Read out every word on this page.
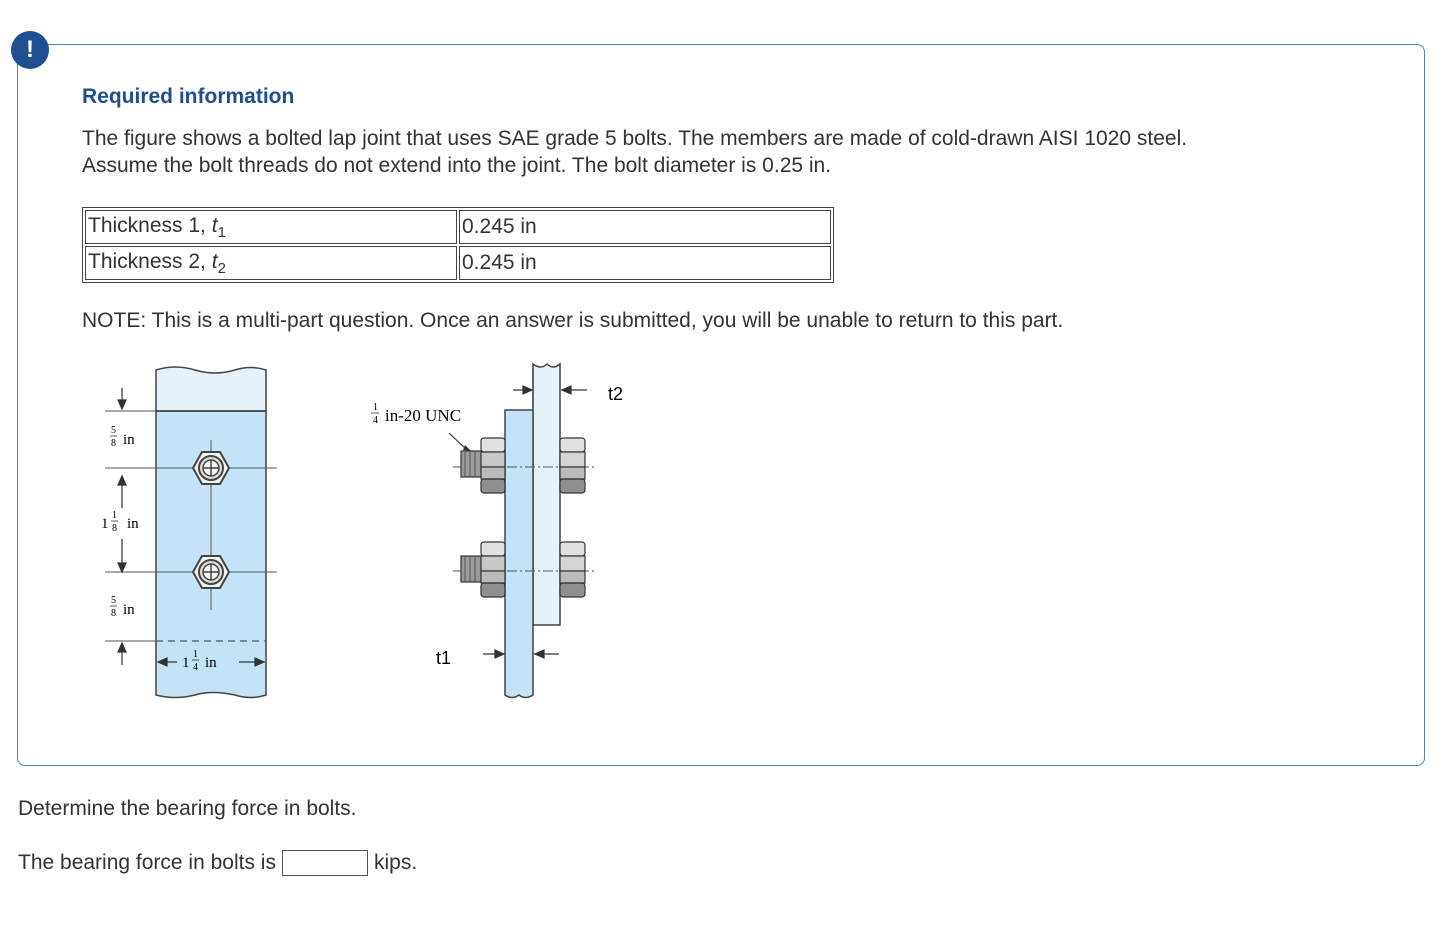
!
Required information

The figure shows a bolted lap joint that uses SAE grade 5 bolts. The members are made of cold-drawn AISI 1020 steel.

Assume the bolt threads do not extend into the joint. The bolt diameter is 0.25 in.

Thickness 1, $t_1$	0.245 in
Thickness 2, $t_2$	0.245 in
NOTE: This is a multi-part question. Once an answer is submitted, you will be unable to return to this part.
5
8 in
1
1
8 in
5
8 in
1
1
4 in
1
4 in-20 UNC
t2
t1
Determine the bearing force in bolts.
The bearing force in bolts is	kips.
